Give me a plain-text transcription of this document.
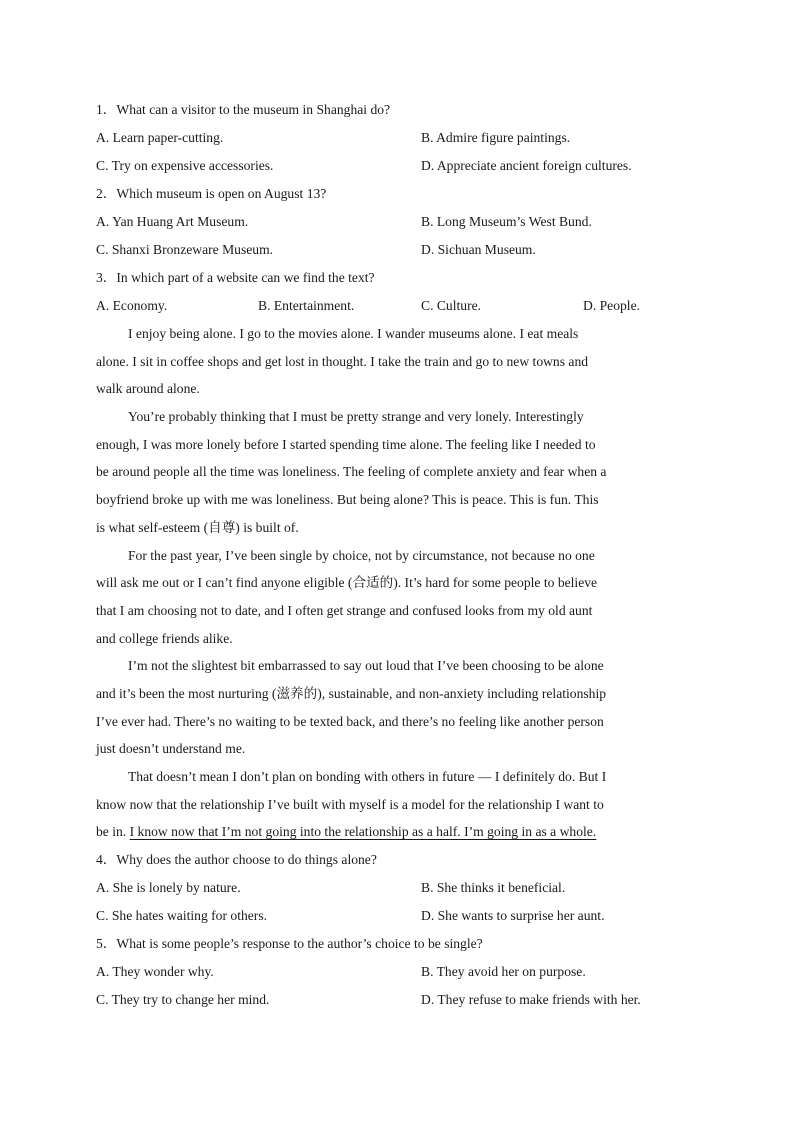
1．What can a visitor to the museum in Shanghai do?
A. Learn paper-cutting.	B. Admire figure paintings.
C. Try on expensive accessories.	D. Appreciate ancient foreign cultures.
2．Which museum is open on August 13?
A. Yan Huang Art Museum.	B. Long Museum’s West Bund.
C. Shanxi Bronzeware Museum.	D. Sichuan Museum.
3．In which part of a website can we find the text?
A. Economy.	B. Entertainment.	C. Culture.	D. People.
I enjoy being alone. I go to the movies alone. I wander museums alone. I eat meals
alone. I sit in coffee shops and get lost in thought. I take the train and go to new towns and
walk around alone.
You’re probably thinking that I must be pretty strange and very lonely. Interestingly
enough, I was more lonely before I started spending time alone. The feeling like I needed to
be around people all the time was loneliness. The feeling of complete anxiety and fear when a
boyfriend broke up with me was loneliness. But being alone? This is peace. This is fun. This
is what self-esteem (自尊) is built of.
For the past year, I’ve been single by choice, not by circumstance, not because no one
will ask me out or I can’t find anyone eligible (合适的). It’s hard for some people to believe
that I am choosing not to date, and I often get strange and confused looks from my old aunt
and college friends alike.
I’m not the slightest bit embarrassed to say out loud that I’ve been choosing to be alone
and it’s been the most nurturing (滋养的), sustainable, and non-anxiety including relationship
I’ve ever had. There’s no waiting to be texted back, and there’s no feeling like another person
just doesn’t understand me.
That doesn’t mean I don’t plan on bonding with others in future — I definitely do. But I
know now that the relationship I’ve built with myself is a model for the relationship I want to
be in. I know now that I’m not going into the relationship as a half. I’m going in as a whole.
4．Why does the author choose to do things alone?
A. She is lonely by nature.	B. She thinks it beneficial.
C. She hates waiting for others.	D. She wants to surprise her aunt.
5．What is some people’s response to the author’s choice to be single?
A. They wonder why.	B. They avoid her on purpose.
C. They try to change her mind.	D. They refuse to make friends with her.
